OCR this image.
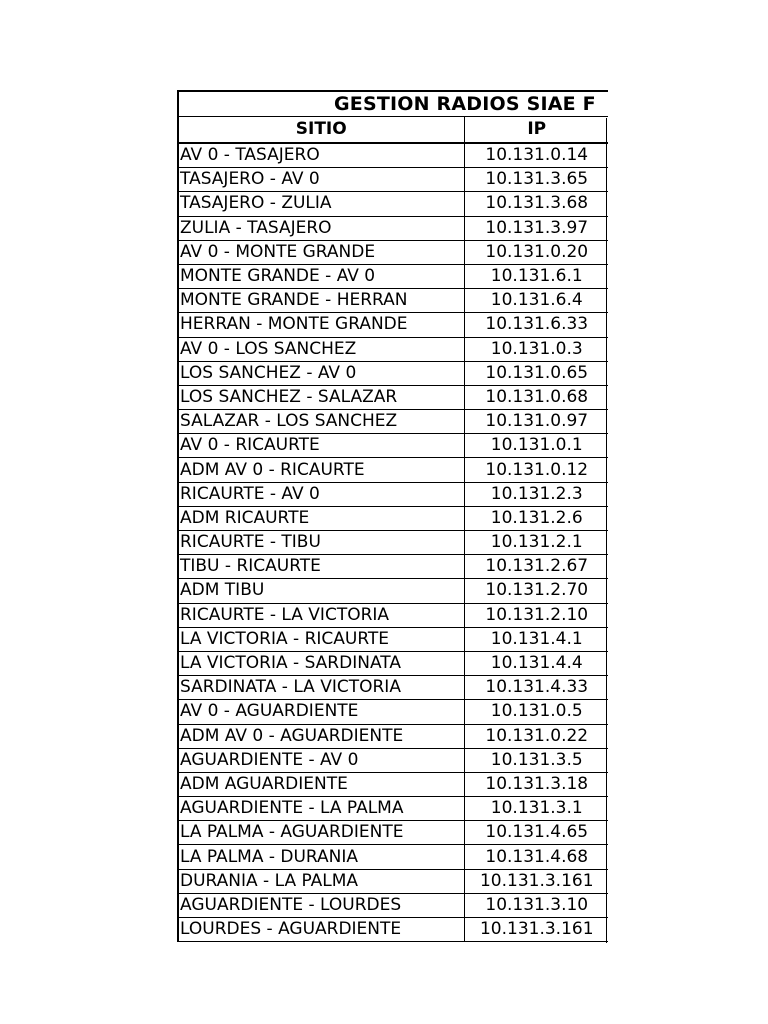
GESTION RADIOS SIAE F
SITIO	IP
AV 0 - TASAJERO	10.131.0.14
TASAJERO - AV 0	10.131.3.65
TASAJERO - ZULIA	10.131.3.68
ZULIA - TASAJERO	10.131.3.97
AV 0 - MONTE GRANDE	10.131.0.20
MONTE GRANDE - AV 0	10.131.6.1
MONTE GRANDE - HERRAN	10.131.6.4
HERRAN - MONTE GRANDE	10.131.6.33
AV 0 - LOS SANCHEZ	10.131.0.3
LOS SANCHEZ - AV 0	10.131.0.65
LOS SANCHEZ - SALAZAR	10.131.0.68
SALAZAR - LOS SANCHEZ	10.131.0.97
AV 0 - RICAURTE	10.131.0.1
ADM AV 0 - RICAURTE	10.131.0.12
RICAURTE - AV 0	10.131.2.3
ADM RICAURTE	10.131.2.6
RICAURTE - TIBU	10.131.2.1
TIBU - RICAURTE	10.131.2.67
ADM TIBU	10.131.2.70
RICAURTE - LA VICTORIA	10.131.2.10
LA VICTORIA - RICAURTE	10.131.4.1
LA VICTORIA - SARDINATA	10.131.4.4
SARDINATA - LA VICTORIA	10.131.4.33
AV 0 - AGUARDIENTE	10.131.0.5
ADM AV 0 - AGUARDIENTE	10.131.0.22
AGUARDIENTE - AV 0	10.131.3.5
ADM AGUARDIENTE	10.131.3.18
AGUARDIENTE - LA PALMA	10.131.3.1
LA PALMA - AGUARDIENTE	10.131.4.65
LA PALMA - DURANIA	10.131.4.68
DURANIA - LA PALMA	10.131.3.161
AGUARDIENTE - LOURDES	10.131.3.10
LOURDES - AGUARDIENTE	10.131.3.161
